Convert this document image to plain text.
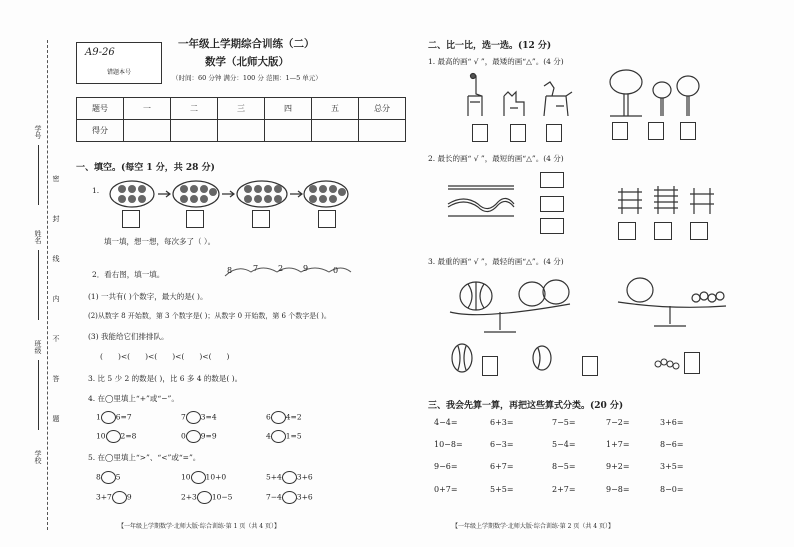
学号
姓名
班级
学校
密
封
线
内
不
答
题
A9-26
错题本号
一年级上学期综合训练（二）
数学（北师大版）
（时间：60 分钟 满分：100 分 范围：1—5 单元）
题号	一	二	三	四	五	总分
得分						
一、填空。(每空 1 分，共 28 分)
1.
填一填，想一想，每次多了（ ）。
2．看右图，填一填。	8	7 2 9	0
(1) 一共有( )个数字，最大的是( )。
(2)从数字 8 开始数，第 3 个数字是( )；从数字 0 开始数，第 6 个数字是( )。
(3) 我能给它们排排队。
( )<( )<( )<( )<( )
3. 比 5 少 2 的数是( )，比 6 多 4 的数是( )。
4. 在◯里填上“+”或“−”。
1 6=7	7 3=4	6 4=2
10 2=8	0 9=9	4 1=5
5. 在◯里填上“>”、“<”或“=”。
8 5	10 10+0	5+4 3+6
3+7 9	2+3 10−5	7−4 3+6
【一年级上学期数学·北师大版·综合训练·第 1 页（共 4 页）】
二、比一比，选一选。(12 分)
1. 最高的画“ √ ”，最矮的画“△”。(4 分)
2. 最长的画“ √ ”，最短的画“△”。(4 分)
3. 最重的画“ √ ”，最轻的画“△”。(4 分)
三、我会先算一算，再把这些算式分类。(20 分)
4−4=	6+3=	7−5=	7−2=	3+6=
10−8=	6−3=	5−4=	1+7=	8−6=
9−6=	6+7=	8−5=	9+2=	3+5=
0+7=	5+5=	2+7=	9−8=	8−0=
【一年级上学期数学·北师大版·综合训练·第 2 页（共 4 页）】
